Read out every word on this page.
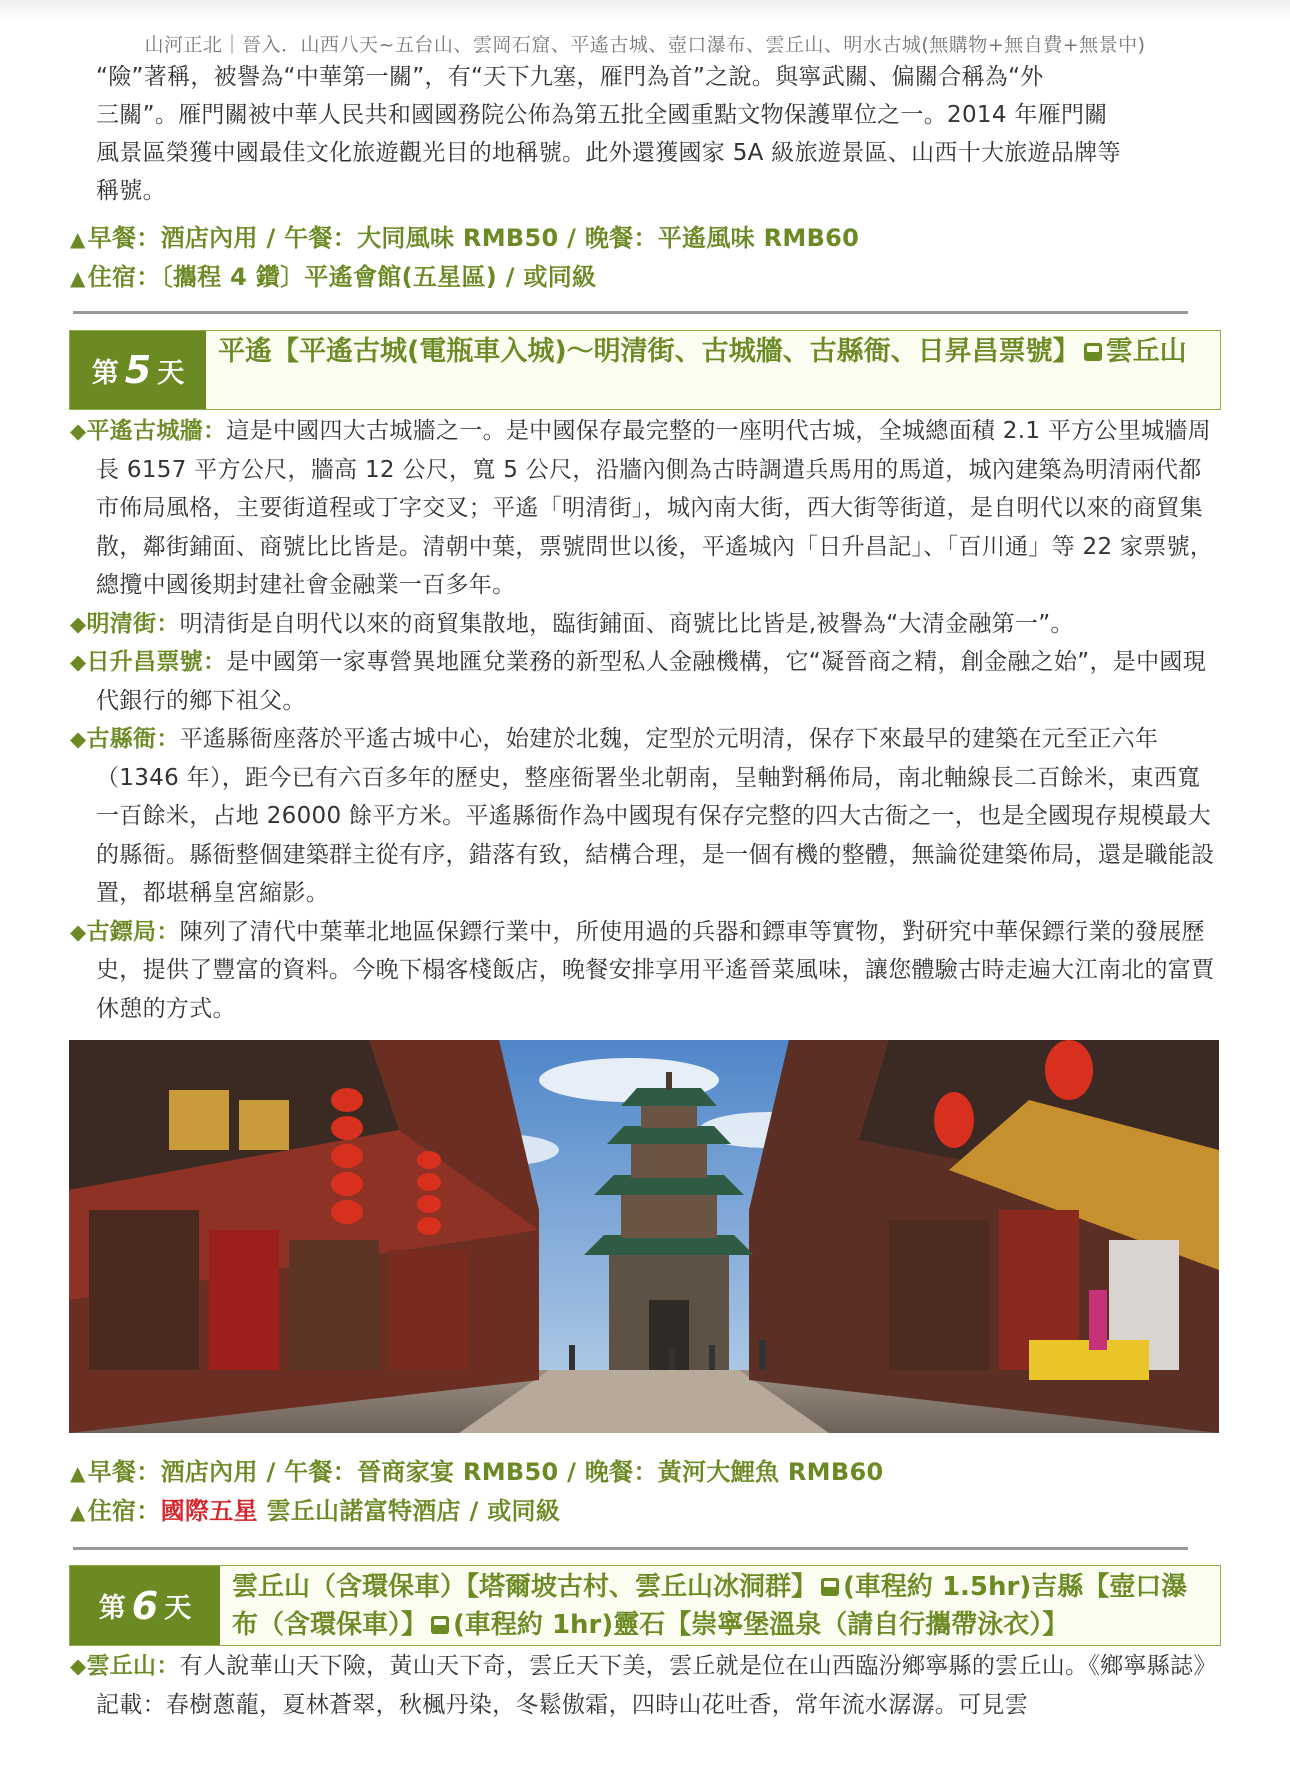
山河正北｜晉入．山西八天~五台山、雲岡石窟、平遙古城、壺口瀑布、雲丘山、明水古城(無購物+無自費+無景中)

“險”著稱，被譽為“中華第一關”，有“天下九塞，雁門為首”之說。與寧武關、偏關合稱為“外

三關”。雁門關被中華人民共和國國務院公佈為第五批全國重點文物保護單位之一。2014 年雁門關

風景區榮獲中國最佳文化旅遊觀光目的地稱號。此外還獲國家 5A 級旅遊景區、山西十大旅遊品牌等

稱號。

▲早餐：酒店內用 / 午餐：大同風味 RMB50 / 晚餐：平遙風味 RMB60

▲住宿：〔攜程 4 鑽〕平遙會館(五星區) / 或同級

第 5 天
平遙【平遙古城(電瓶車入城)～明清街、古城牆、古縣衙、日昇昌票號】 雲丘山

◆平遙古城牆：這是中國四大古城牆之一。是中國保存最完整的一座明代古城，全城總面積 2.1 平方公里城牆周長 6157 平方公尺，牆高 12 公尺，寬 5 公尺，沿牆內側為古時調遣兵馬用的馬道，城內建築為明清兩代都市佈局風格，主要街道程或丁字交叉；平遙「明清街」，城內南大街，西大街等街道，是自明代以來的商貿集散，鄰街鋪面、商號比比皆是。清朝中葉，票號問世以後，平遙城內「日升昌記」、「百川通」等 22 家票號，總攬中國後期封建社會金融業一百多年。

◆明清街：明清街是自明代以來的商貿集散地，臨街鋪面、商號比比皆是,被譽為“大清金融第一”。

◆日升昌票號：是中國第一家專營異地匯兌業務的新型私人金融機構，它“凝晉商之精，創金融之始”，是中國現代銀行的鄉下祖父。

◆古縣衙：平遙縣衙座落於平遙古城中心，始建於北魏，定型於元明清，保存下來最早的建築在元至正六年（1346 年），距今已有六百多年的歷史，整座衙署坐北朝南，呈軸對稱佈局，南北軸線長二百餘米，東西寬一百餘米，占地 26000 餘平方米。平遙縣衙作為中國現有保存完整的四大古衙之一，也是全國現存規模最大的縣衙。縣衙整個建築群主從有序，錯落有致，結構合理，是一個有機的整體，無論從建築佈局，還是職能設置，都堪稱皇宮縮影。

◆古鏢局：陳列了清代中葉華北地區保鏢行業中，所使用過的兵器和鏢車等實物，對研究中華保鏢行業的發展歷史，提供了豐富的資料。今晚下榻客棧飯店，晚餐安排享用平遙晉菜風味，讓您體驗古時走遍大江南北的富賈休憩的方式。

▲早餐：酒店內用 / 午餐：晉商家宴 RMB50 / 晚餐：黃河大鯉魚 RMB60

▲住宿：國際五星 雲丘山諾富特酒店 / 或同級

第 6 天
雲丘山（含環保車）【塔爾坡古村、雲丘山冰洞群】 (車程約 1.5hr)吉縣【壺口瀑布（含環保車）】 (車程約 1hr)靈石【崇寧堡溫泉（請自行攜帶泳衣）】

◆雲丘山：有人說華山天下險，黃山天下奇，雲丘天下美，雲丘就是位在山西臨汾鄉寧縣的雲丘山。《鄉寧縣誌》記載：春樹蔥蘢，夏林蒼翠，秋楓丹染，冬鬆傲霜，四時山花吐香，常年流水潺潺。可見雲
